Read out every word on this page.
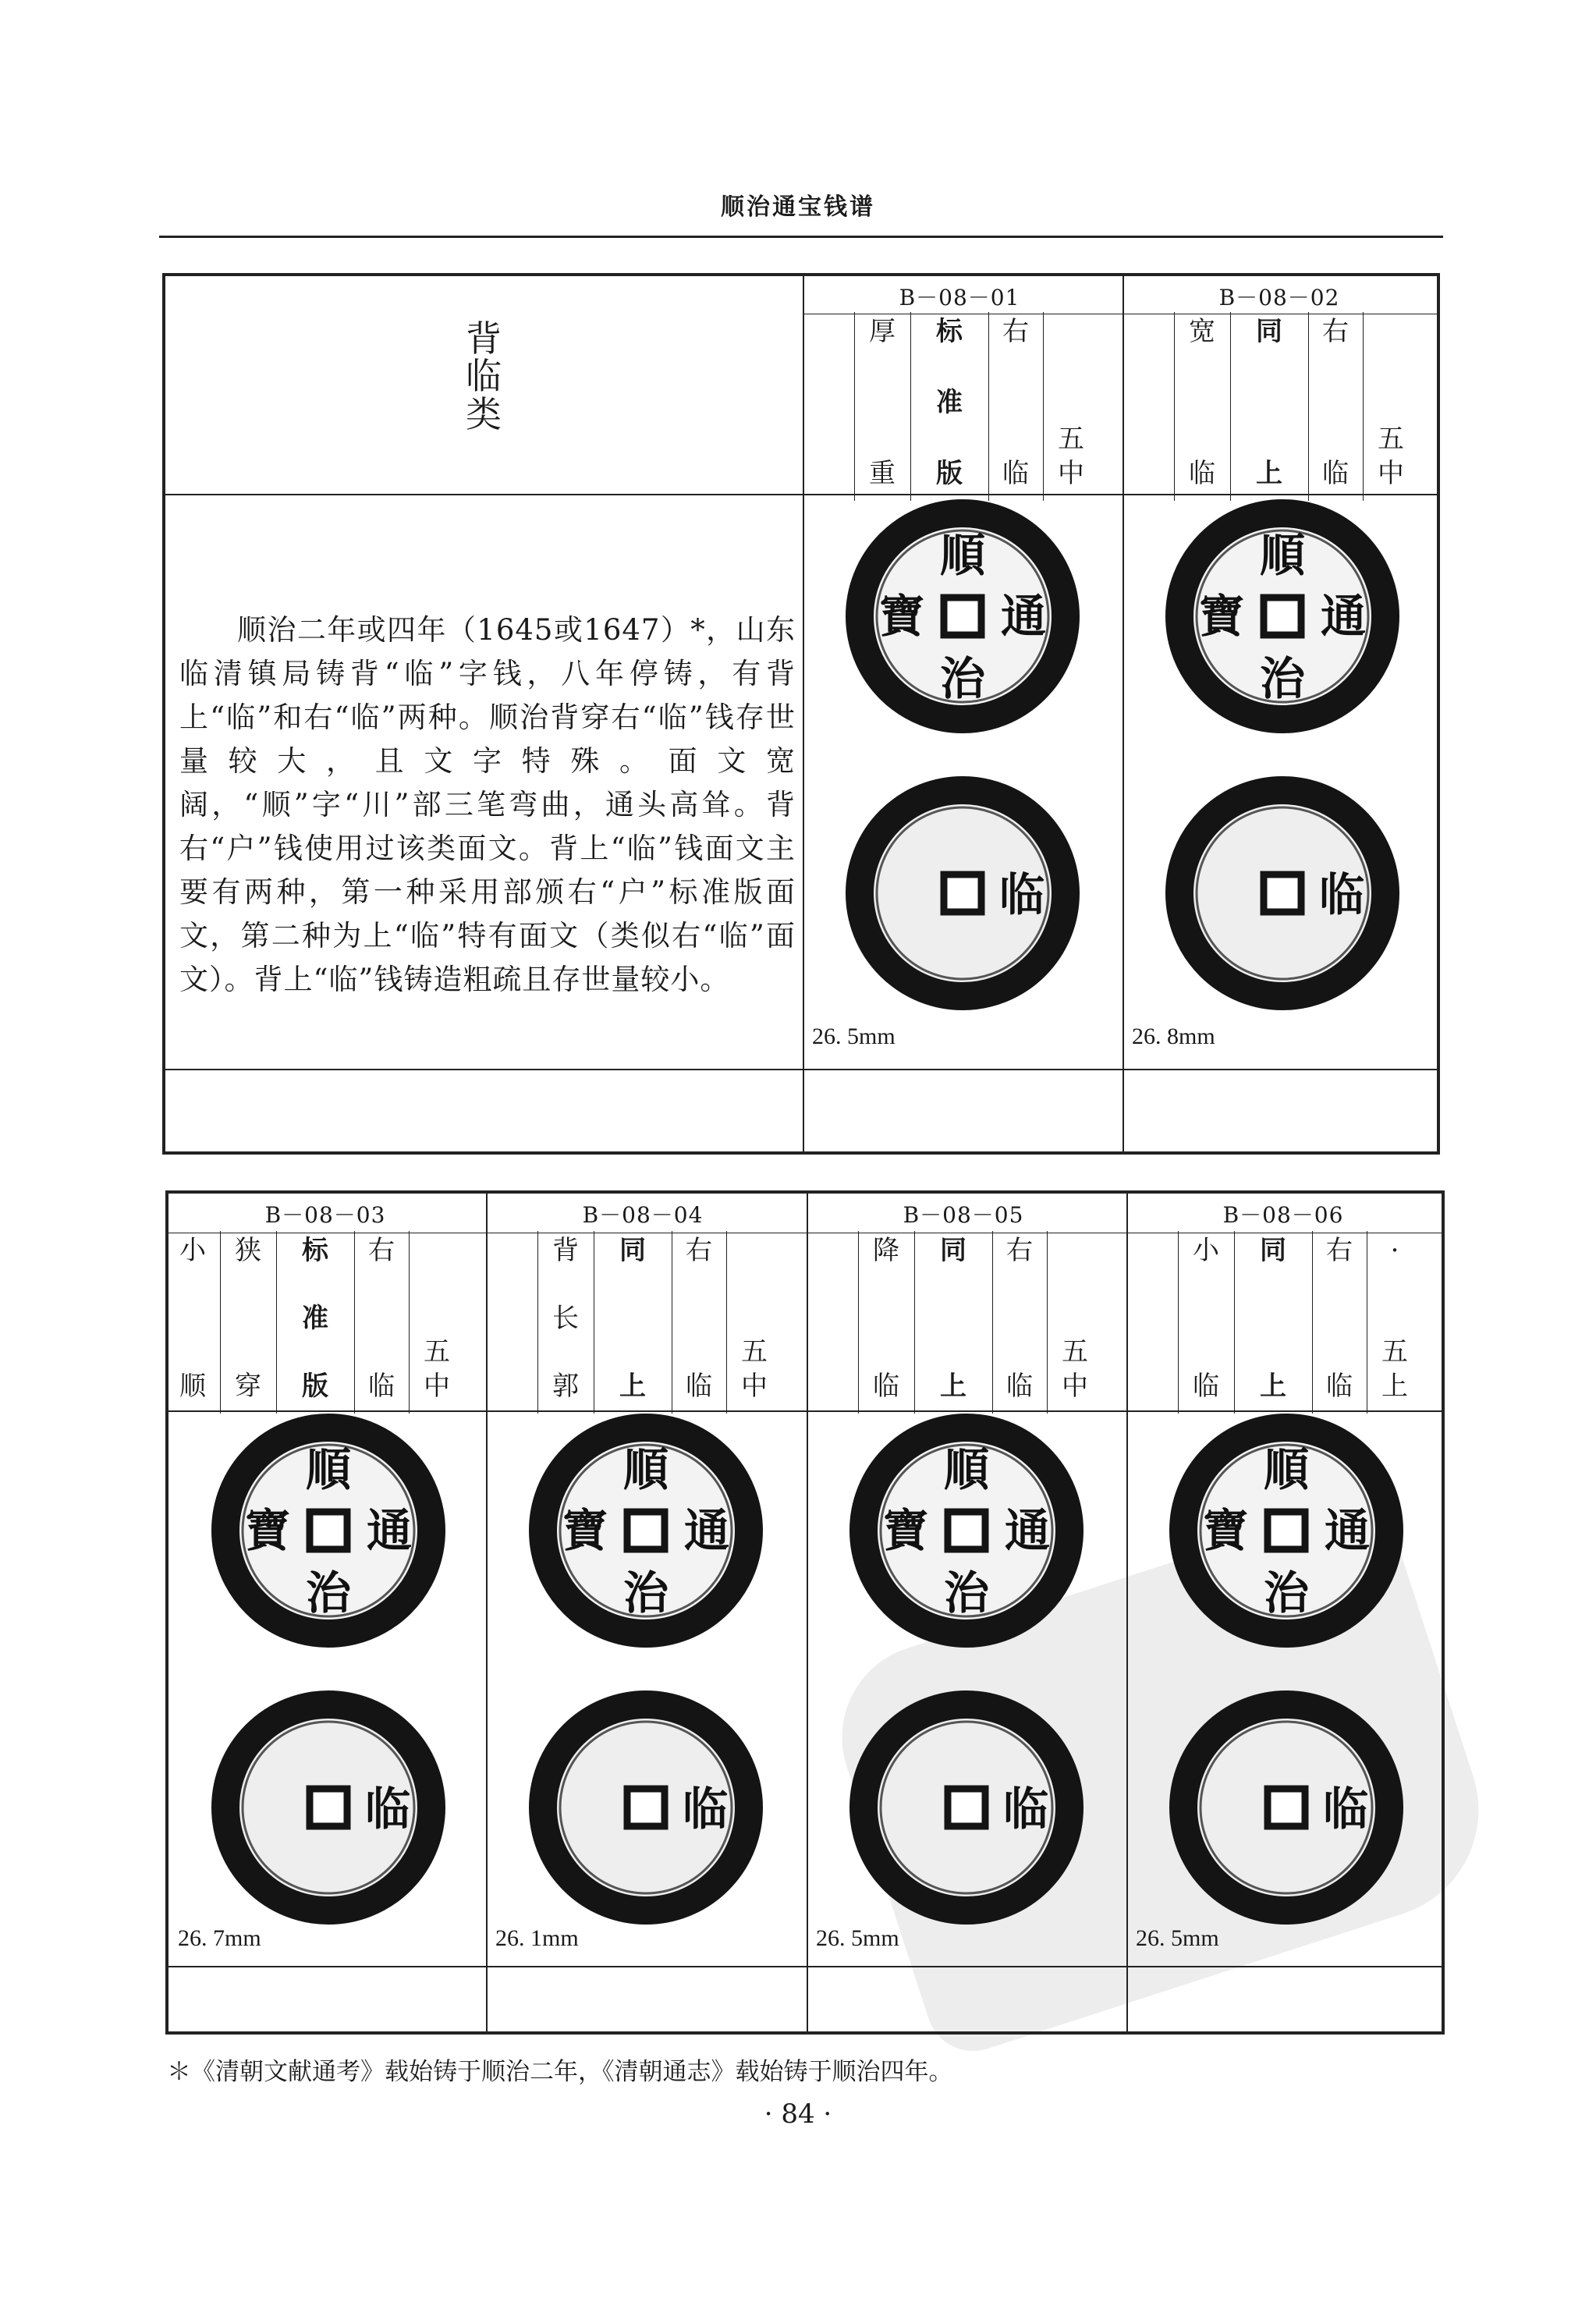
顺治通宝钱谱
背
临
类
顺治二年或四年（1645或1647）*，山东临清镇局铸背“临”字钱，八年停铸，有背上“临”和右“临”两种。顺治背穿右“临”钱存世量较大，且文字特殊。面文宽阔，“顺”字“川”部三笔弯曲，通头高耸。背右“户”钱使用过该类面文。背上“临”钱面文主要有两种，第一种采用部颁右“户”标准版面文，第二种为上“临”特有面文（类似右“临”面文）。背上“临”钱铸造粗疏且存世量较小。
B－08－01
厚
重
标
准
版
右
临
五
中
順
通
治
寶
临
26. 5mm
B－08－02
宽
临
同
上
右
临
五
中
順
通
治
寶
临
26. 8mm
B－08－03
小
顺
狭
穿
标
准
版
右
临
五
中
順
通
治
寶
临
26. 7mm
B－08－04
背
长
郭
同
上
右
临
五
中
順
通
治
寶
临
26. 1mm
B－08－05
降
临
同
上
右
临
五
中
順
通
治
寶
临
26. 5mm
B－08－06
小
临
同
上
右
临
·
五
上
順
通
治
寶
临
26. 5mm
＊《清朝文献通考》载始铸于顺治二年，《清朝通志》载始铸于顺治四年。
· 84 ·
